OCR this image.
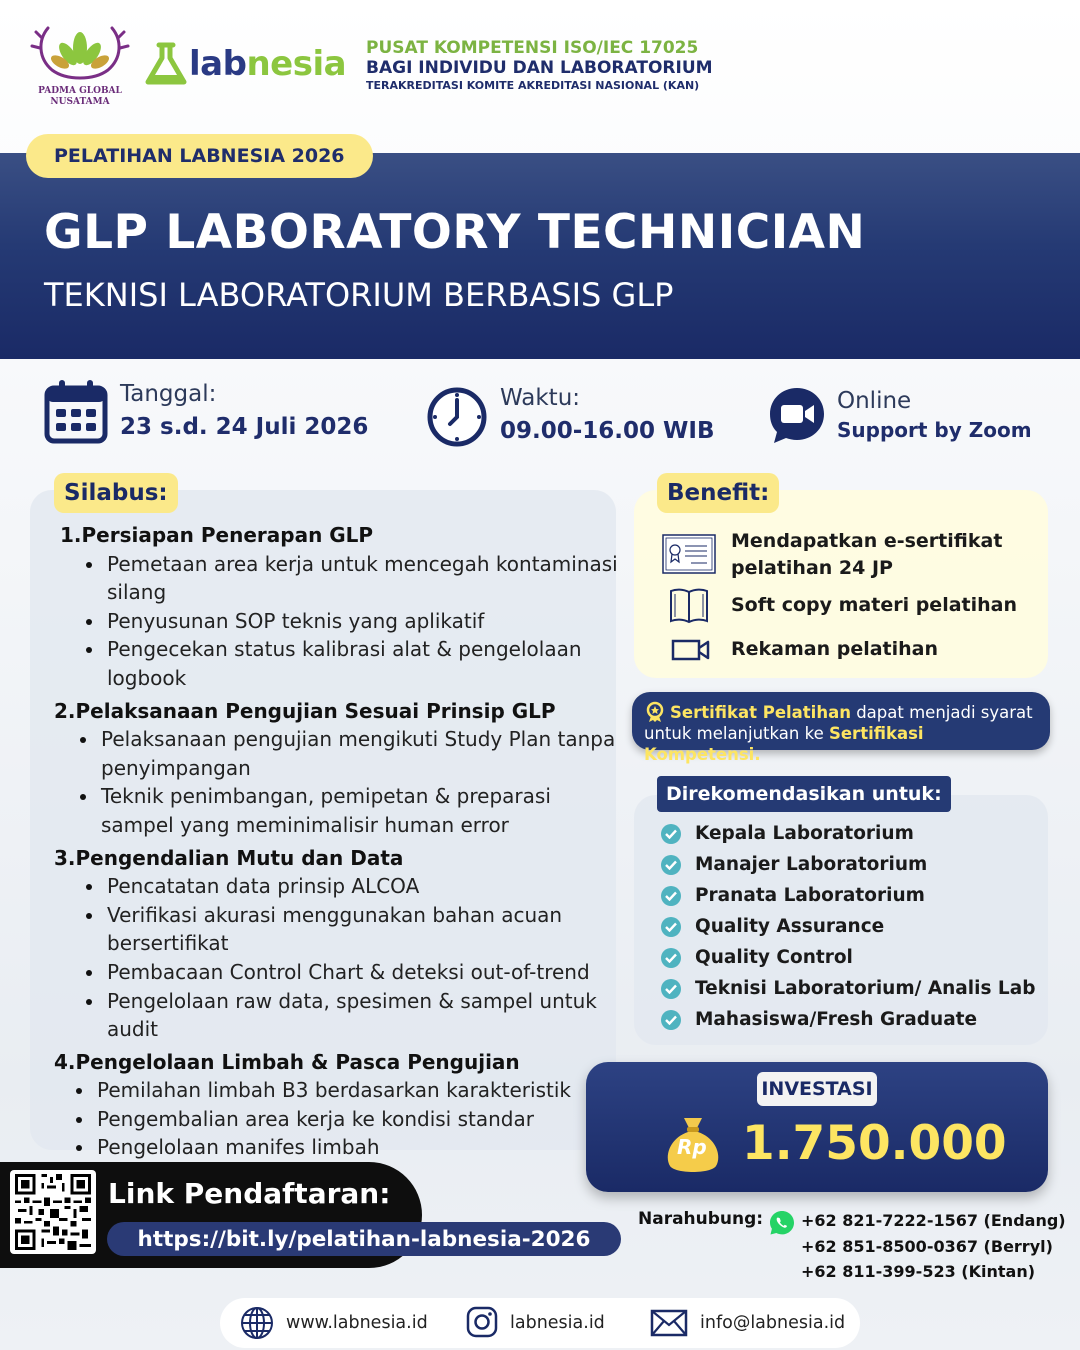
PADMA GLOBAL
NUSATAMA
labnesia PUSAT KOMPETENSI ISO/IEC 17025
BAGI INDIVIDU DAN LABORATORIUM
TERAKREDITASI KOMITE AKREDITASI NASIONAL (KAN)
PELATIHAN LABNESIA 2026
GLP LABORATORY TECHNICIAN
TEKNISI LABORATORIUM BERBASIS GLP
Tanggal:
23 s.d. 24 Juli 2026
Waktu:
09.00-16.00 WIB
Online
Support by Zoom
Silabus:
1.Persiapan Penerapan GLP
Pemetaan area kerja untuk mencegah kontaminasi silang
Penyusunan SOP teknis yang aplikatif
Pengecekan status kalibrasi alat & pengelolaan logbook
2.Pelaksanaan Pengujian Sesuai Prinsip GLP
Pelaksanaan pengujian mengikuti Study Plan tanpa penyimpangan
Teknik penimbangan, pemipetan & preparasi sampel yang meminimalisir human error
3.Pengendalian Mutu dan Data
Pencatatan data prinsip ALCOA
Verifikasi akurasi menggunakan bahan acuan bersertifikat
Pembacaan Control Chart & deteksi out-of-trend
Pengelolaan raw data, spesimen & sampel untuk audit
4.Pengelolaan Limbah & Pasca Pengujian
Pemilahan limbah B3 berdasarkan karakteristik
Pengembalian area kerja ke kondisi standar
Pengelolaan manifes limbah
Benefit:
Mendapatkan e-sertifikat pelatihan 24 JP
Soft copy materi pelatihan
Rekaman pelatihan
Sertifikat Pelatihan dapat menjadi syarat untuk melanjutkan ke Sertifikasi Kompetensi.
Direkomendasikan untuk:
Kepala Laboratorium
Manajer Laboratorium
Pranata Laboratorium
Quality Assurance
Quality Control
Teknisi Laboratorium/ Analis Lab
Mahasiswa/Fresh Graduate
INVESTASI
Rp 1.750.000
Link Pendaftaran:
https://bit.ly/pelatihan-labnesia-2026
Narahubung: +62 821-7222-1567 (Endang)
+62 851-8500-0367 (Berryl)
+62 811-399-523 (Kintan)
www.labnesia.id	labnesia.id	info@labnesia.id
